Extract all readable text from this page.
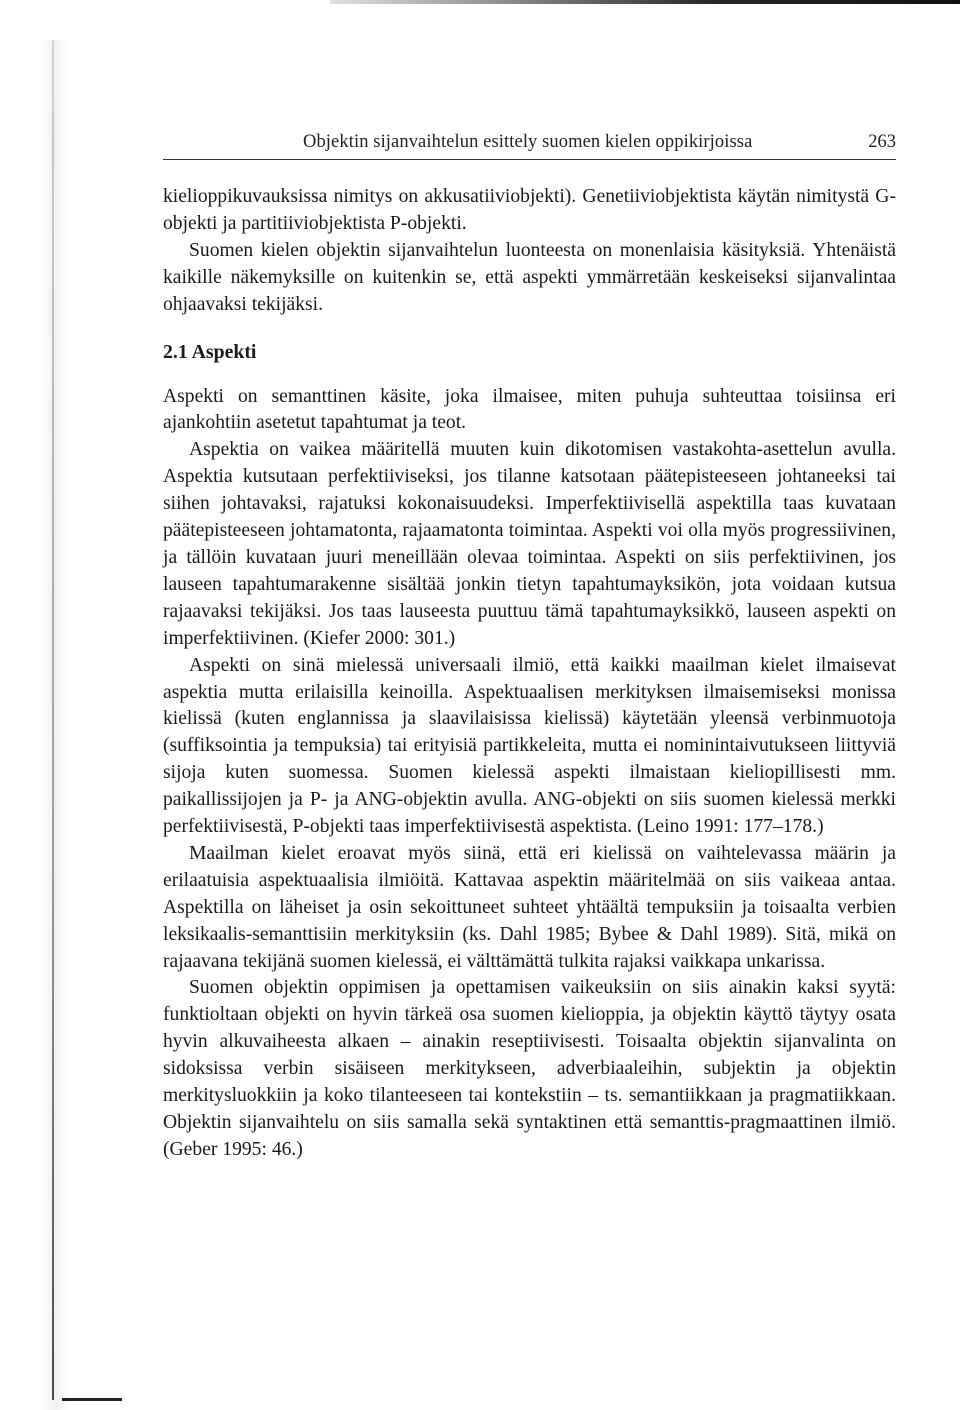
Objektin sijanvaihtelun esittely suomen kielen oppikirjoissa	263

kielioppikuvauksissa nimitys on akkusatiiviobjekti). Genetiiviobjektista käytän nimitystä G-objekti ja partitiiviobjektista P-objekti.

Suomen kielen objektin sijanvaihtelun luonteesta on monenlaisia käsityksiä. Yhtenäistä kaikille näkemyksille on kuitenkin se, että aspekti ymmärretään keskeiseksi sijanvalintaa ohjaavaksi tekijäksi.

2.1 Aspekti

Aspekti on semanttinen käsite, joka ilmaisee, miten puhuja suhteuttaa toisiinsa eri ajankohtiin asetetut tapahtumat ja teot.

Aspektia on vaikea määritellä muuten kuin dikotomisen vastakohta-asettelun avulla. Aspektia kutsutaan perfektiiviseksi, jos tilanne katsotaan päätepisteeseen johtaneeksi tai siihen johtavaksi, rajatuksi kokonaisuudeksi. Imperfektiivisellä aspektilla taas kuvataan päätepisteeseen johtamatonta, rajaamatonta toimintaa. Aspekti voi olla myös progressiivinen, ja tällöin kuvataan juuri meneillään olevaa toimintaa. Aspekti on siis perfektiivinen, jos lauseen tapahtumarakenne sisältää jonkin tietyn tapahtumayksikön, jota voidaan kutsua rajaavaksi tekijäksi. Jos taas lauseesta puuttuu tämä tapahtumayksikkö, lauseen aspekti on imperfektiivinen. (Kiefer 2000: 301.)

Aspekti on sinä mielessä universaali ilmiö, että kaikki maailman kielet ilmaisevat aspektia mutta erilaisilla keinoilla. Aspektuaalisen merkityksen ilmaisemiseksi monissa kielissä (kuten englannissa ja slaavilaisissa kielissä) käytetään yleensä verbinmuotoja (suffiksointia ja tempuksia) tai erityisiä partikkeleita, mutta ei nominintaivutukseen liittyviä sijoja kuten suomessa. Suomen kielessä aspekti ilmaistaan kieliopillisesti mm. paikallissijojen ja P- ja ANG-objektin avulla. ANG-objekti on siis suomen kielessä merkki perfektiivisestä, P-objekti taas imperfektiivisestä aspektista. (Leino 1991: 177–178.)

Maailman kielet eroavat myös siinä, että eri kielissä on vaihtelevassa määrin ja erilaatuisia aspektuaalisia ilmiöitä. Kattavaa aspektin määritelmää on siis vaikeaa antaa. Aspektilla on läheiset ja osin sekoittuneet suhteet yhtäältä tempuksiin ja toisaalta verbien leksikaalis-semanttisiin merkityksiin (ks. Dahl 1985; Bybee & Dahl 1989). Sitä, mikä on rajaavana tekijänä suomen kielessä, ei välttämättä tulkita rajaksi vaikkapa unkarissa.

Suomen objektin oppimisen ja opettamisen vaikeuksiin on siis ainakin kaksi syytä: funktioltaan objekti on hyvin tärkeä osa suomen kielioppia, ja objektin käyttö täytyy osata hyvin alkuvaiheesta alkaen – ainakin reseptiivisesti. Toisaalta objektin sijanvalinta on sidoksissa verbin sisäiseen merkitykseen, adverbiaaleihin, subjektin ja objektin merkitysluokkiin ja koko tilanteeseen tai kontekstiin – ts. semantiikkaan ja pragmatiikkaan. Objektin sijanvaihtelu on siis samalla sekä syntaktinen että semanttis-pragmaattinen ilmiö. (Geber 1995: 46.)
